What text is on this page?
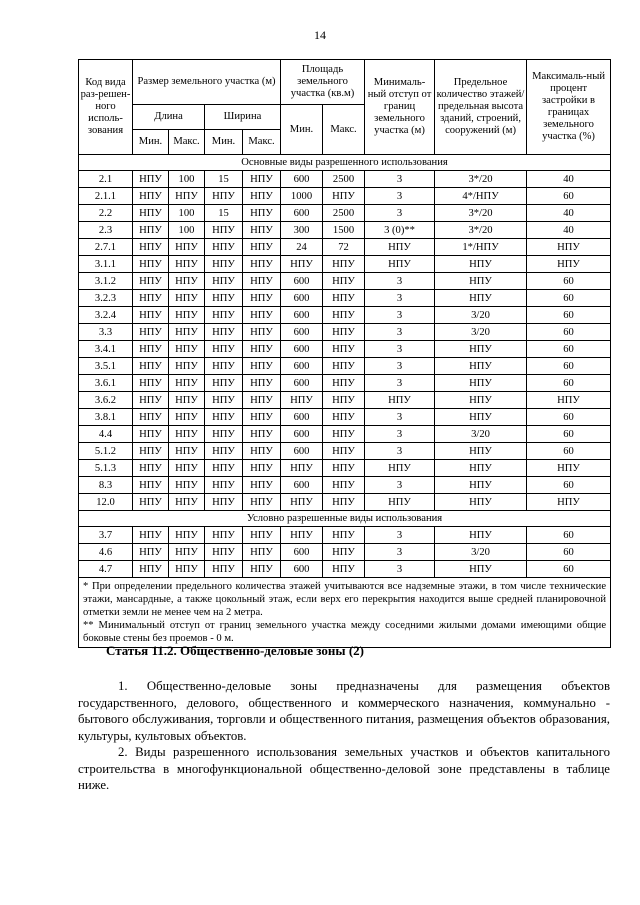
14
Код вида раз-решен-ного исполь-зования	Размер земельного участка (м)				Площадь земельного участка (кв.м)		Минималь-ный отступ от границ земельного участка (м)	Предельное количество этажей/ предельная высота зданий, строений, сооружений (м)	Максималь-ный процент застройки в границах земельного участка (%)
	Длина		Ширина		Мин.	Макс.			
	Мин.	Макс.	Мин.	Макс.					
Основные виды разрешенного использования									
2.1	НПУ	100	15	НПУ	600	2500	3	3*/20	40
2.1.1	НПУ	НПУ	НПУ	НПУ	1000	НПУ	3	4*/НПУ	60
2.2	НПУ	100	15	НПУ	600	2500	3	3*/20	40
2.3	НПУ	100	НПУ	НПУ	300	1500	3 (0)**	3*/20	40
2.7.1	НПУ	НПУ	НПУ	НПУ	24	72	НПУ	1*/НПУ	НПУ
3.1.1	НПУ	НПУ	НПУ	НПУ	НПУ	НПУ	НПУ	НПУ	НПУ
3.1.2	НПУ	НПУ	НПУ	НПУ	600	НПУ	3	НПУ	60
3.2.3	НПУ	НПУ	НПУ	НПУ	600	НПУ	3	НПУ	60
3.2.4	НПУ	НПУ	НПУ	НПУ	600	НПУ	3	3/20	60
3.3	НПУ	НПУ	НПУ	НПУ	600	НПУ	3	3/20	60
3.4.1	НПУ	НПУ	НПУ	НПУ	600	НПУ	3	НПУ	60
3.5.1	НПУ	НПУ	НПУ	НПУ	600	НПУ	3	НПУ	60
3.6.1	НПУ	НПУ	НПУ	НПУ	600	НПУ	3	НПУ	60
3.6.2	НПУ	НПУ	НПУ	НПУ	НПУ	НПУ	НПУ	НПУ	НПУ
3.8.1	НПУ	НПУ	НПУ	НПУ	600	НПУ	3	НПУ	60
4.4	НПУ	НПУ	НПУ	НПУ	600	НПУ	3	3/20	60
5.1.2	НПУ	НПУ	НПУ	НПУ	600	НПУ	3	НПУ	60
5.1.3	НПУ	НПУ	НПУ	НПУ	НПУ	НПУ	НПУ	НПУ	НПУ
8.3	НПУ	НПУ	НПУ	НПУ	600	НПУ	3	НПУ	60
12.0	НПУ	НПУ	НПУ	НПУ	НПУ	НПУ	НПУ	НПУ	НПУ
Условно разрешенные виды использования									
3.7	НПУ	НПУ	НПУ	НПУ	НПУ	НПУ	3	НПУ	60
4.6	НПУ	НПУ	НПУ	НПУ	600	НПУ	3	3/20	60
4.7	НПУ	НПУ	НПУ	НПУ	600	НПУ	3	НПУ	60

* При определении предельного количества этажей учитываются все надземные этажи, в том числе технические этажи, мансардные, а также цокольный этаж, если верх его перекрытия находится выше средней планировочной отметки земли не менее чем на 2 метра.

** Минимальный отступ от границ земельного участка между соседними жилыми домами имеющими общие боковые стены без проемов - 0 м.									

Статья 11.2. Общественно-деловые зоны (2)

1. Общественно-деловые зоны предназначены для размещения объектов государственного, делового, общественного и коммерческого назначения, коммунально - бытового обслуживания, торговли и общественного питания, размещения объектов образования, культуры, культовых объектов.

2. Виды разрешенного использования земельных участков и объектов капитального строительства в многофункциональной общественно-деловой зоне представлены в таблице ниже.
